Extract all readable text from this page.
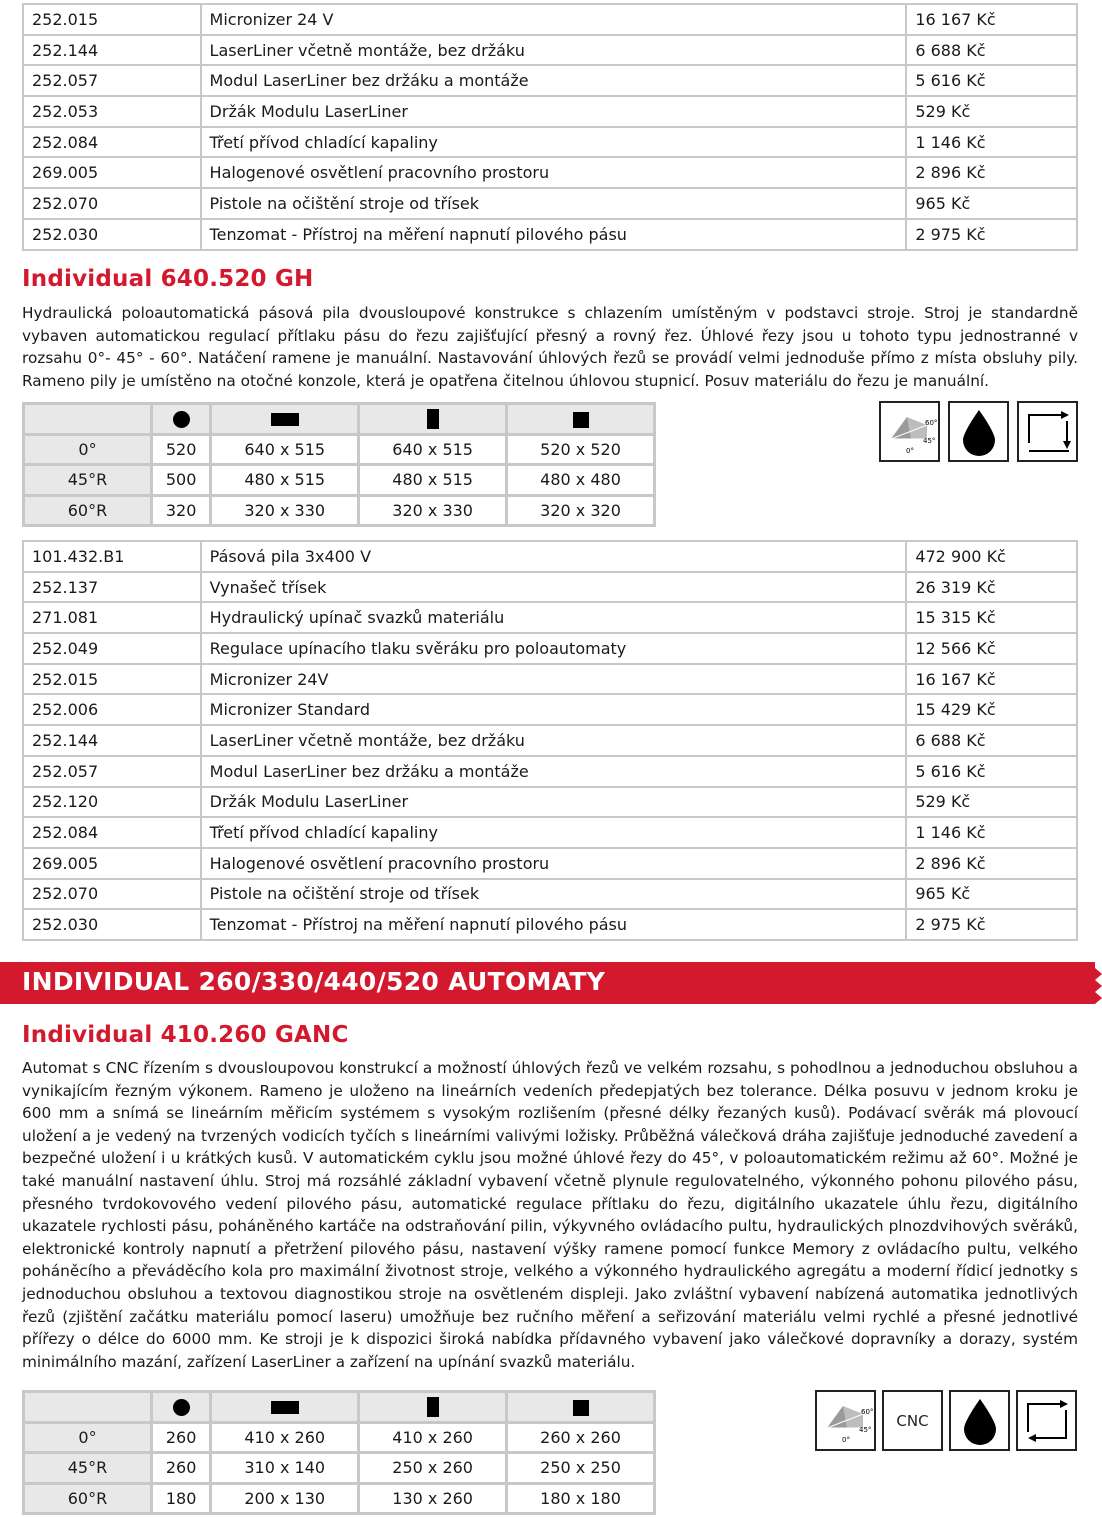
252.015	Micronizer 24 V	16 167 Kč
252.144	LaserLiner včetně montáže, bez držáku	6 688 Kč
252.057	Modul LaserLiner bez držáku a montáže	5 616 Kč
252.053	Držák Modulu LaserLiner	529 Kč
252.084	Třetí přívod chladící kapaliny	1 146 Kč
269.005	Halogenové osvětlení pracovního prostoru	2 896 Kč
252.070	Pistole na očištění stroje od třísek	965 Kč
252.030	Tenzomat - Přístroj na měření napnutí pilového pásu	2 975 Kč
Individual 640.520 GH
Hydraulická poloautomatická pásová pila dvousloupové konstrukce s chlazením umístěným v podstavci stroje. Stroj je standardně vybaven automatickou regulací přítlaku pásu do řezu zajišťující přesný a rovný řez. Úhlové řezy jsou u tohoto typu jednostranné v rozsahu 0°- 45° - 60°. Natáčení ramene je manuální. Nastavování úhlových řezů se provádí velmi jednoduše přímo z místa obsluhy pily. Rameno pily je umístěno na otočné konzole, která je opatřena čitelnou úhlovou stupnicí. Posuv materiálu do řezu je manuální.

0°	520	640 x 515	640 x 515	520 x 520
45°R	500	480 x 515	480 x 515	480 x 480
60°R	320	320 x 330	320 x 330	320 x 320
60°
45°
0°
101.432.B1	Pásová pila 3x400 V	472 900 Kč
252.137	Vynašeč třísek	26 319 Kč
271.081	Hydraulický upínač svazků materiálu	15 315 Kč
252.049	Regulace upínacího tlaku svěráku pro poloautomaty	12 566 Kč
252.015	Micronizer 24V	16 167 Kč
252.006	Micronizer Standard	15 429 Kč
252.144	LaserLiner včetně montáže, bez držáku	6 688 Kč
252.057	Modul LaserLiner bez držáku a montáže	5 616 Kč
252.120	Držák Modulu LaserLiner	529 Kč
252.084	Třetí přívod chladící kapaliny	1 146 Kč
269.005	Halogenové osvětlení pracovního prostoru	2 896 Kč
252.070	Pistole na očištění stroje od třísek	965 Kč
252.030	Tenzomat - Přístroj na měření napnutí pilového pásu	2 975 Kč
INDIVIDUAL 260/330/440/520 AUTOMATY
Individual 410.260 GANC
Automat s CNC řízením s dvousloupovou konstrukcí a možností úhlových řezů ve velkém rozsahu, s pohodlnou a jednoduchou obsluhou a vynikajícím řezným výkonem. Rameno je uloženo na lineárních vedeních předepjatých bez tolerance. Délka posuvu v jednom kroku je 600 mm a snímá se lineárním měřicím systémem s vysokým rozlišením (přesné délky řezaných kusů). Podávací svěrák má plovoucí uložení a je vedený na tvrzených vodicích tyčích s lineárními valivými ložisky. Průběžná válečková dráha zajišťuje jednoduché zavedení a bezpečné uložení i u krátkých kusů. V automatickém cyklu jsou možné úhlové řezy do 45°, v poloautomatickém režimu až 60°. Možné je také manuální nastavení úhlu. Stroj má rozsáhlé základní vybavení včetně plynule regulovatelného, výkonného pohonu pilového pásu, přesného tvrdokovového vedení pilového pásu, automatické regulace přítlaku do řezu, digitálního ukazatele úhlu řezu, digitálního ukazatele rychlosti pásu, poháněného kartáče na odstraňování pilin, výkyvného ovládacího pultu, hydraulických plnozdvihových svěráků, elektronické kontroly napnutí a přetržení pilového pásu, nastavení výšky ramene pomocí funkce Memory z ovládacího pultu, velkého poháněcího a převáděcího kola pro maximální životnost stroje, velkého a výkonného hydraulického agregátu a moderní řídicí jednotky s jednoduchou obsluhou a textovou diagnostikou stroje na osvětleném displeji. Jako zvláštní vybavení nabízená automatika jednotlivých řezů (zjištění začátku materiálu pomocí laseru) umožňuje bez ručního měření a seřizování materiálu velmi rychlé a přesné jednotlivé přířezy o délce do 6000 mm. Ke stroji je k dispozici široká nabídka přídavného vybavení jako válečkové dopravníky a dorazy, systém minimálního mazání, zařízení LaserLiner a zařízení na upínání svazků materiálu.

0°	260	410 x 260	410 x 260	260 x 260
45°R	260	310 x 140	250 x 260	250 x 250
60°R	180	200 x 130	130 x 260	180 x 180
60°
45°
0°
CNC
